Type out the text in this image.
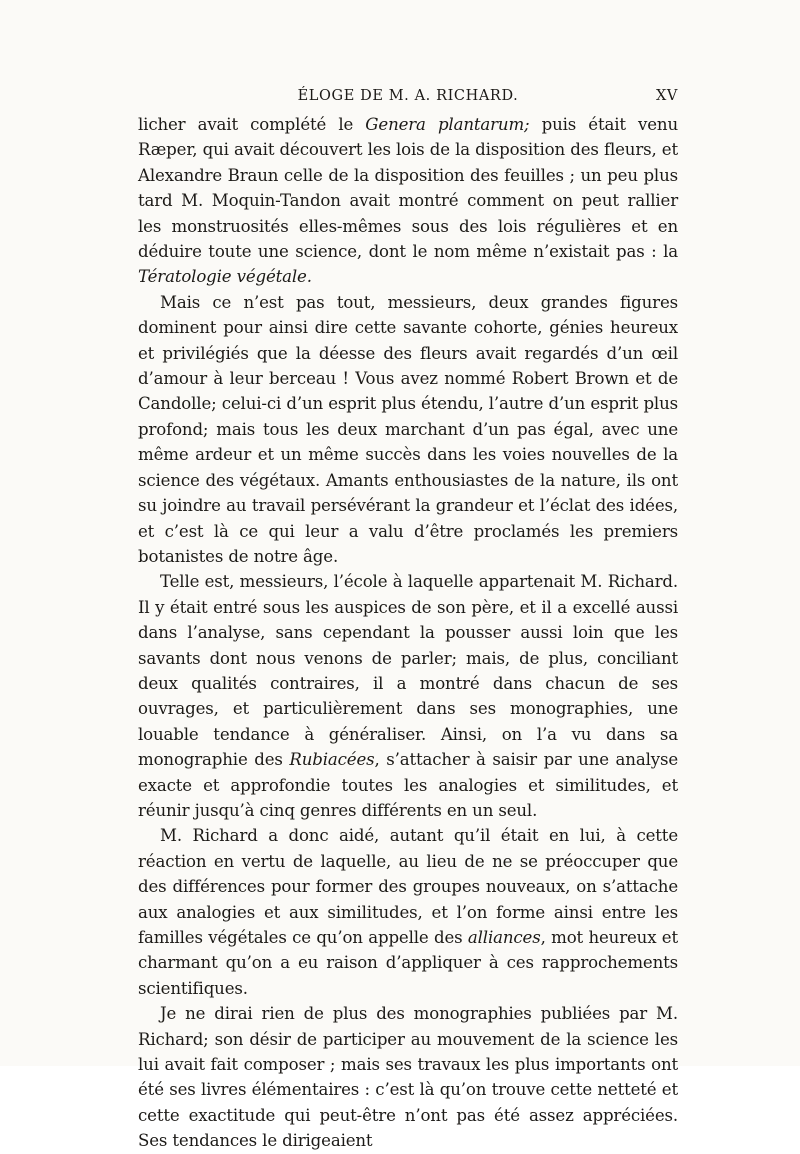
ÉLOGE DE M. A. RICHARD.	XV

licher avait complété le Genera plantarum; puis était venu Ræper, qui avait découvert les lois de la disposition des fleurs, et Alexandre Braun celle de la disposition des feuilles ; un peu plus tard M. Moquin-Tandon avait montré comment on peut rallier les monstruosités elles-mêmes sous des lois régulières et en déduire toute une science, dont le nom même n’existait pas : la Tératologie végétale.

Mais ce n’est pas tout, messieurs, deux grandes figures dominent pour ainsi dire cette savante cohorte, génies heureux et privilégiés que la déesse des fleurs avait regardés d’un œil d’amour à leur berceau ! Vous avez nommé Robert Brown et de Candolle; celui-ci d’un esprit plus étendu, l’autre d’un esprit plus profond; mais tous les deux marchant d’un pas égal, avec une même ardeur et un même succès dans les voies nouvelles de la science des végétaux. Amants enthousiastes de la nature, ils ont su joindre au travail persévérant la grandeur et l’éclat des idées, et c’est là ce qui leur a valu d’être proclamés les premiers botanistes de notre âge.

Telle est, messieurs, l’école à laquelle appartenait M. Richard. Il y était entré sous les auspices de son père, et il a excellé aussi dans l’analyse, sans cependant la pousser aussi loin que les savants dont nous venons de parler; mais, de plus, conciliant deux qualités contraires, il a montré dans chacun de ses ouvrages, et particulièrement dans ses monographies, une louable tendance à généraliser. Ainsi, on l’a vu dans sa monographie des Rubiacées, s’attacher à saisir par une analyse exacte et approfondie toutes les analogies et similitudes, et réunir jusqu’à cinq genres différents en un seul.

M. Richard a donc aidé, autant qu’il était en lui, à cette réaction en vertu de laquelle, au lieu de ne se préoccuper que des différences pour former des groupes nouveaux, on s’attache aux analogies et aux similitudes, et l’on forme ainsi entre les familles végétales ce qu’on appelle des alliances, mot heureux et charmant qu’on a eu raison d’appliquer à ces rapprochements scientifiques.

Je ne dirai rien de plus des monographies publiées par M. Richard; son désir de participer au mouvement de la science les lui avait fait composer ; mais ses travaux les plus importants ont été ses livres élémentaires : c’est là qu’on trouve cette netteté et cette exactitude qui peut-être n’ont pas été assez appréciées. Ses tendances le dirigeaient
